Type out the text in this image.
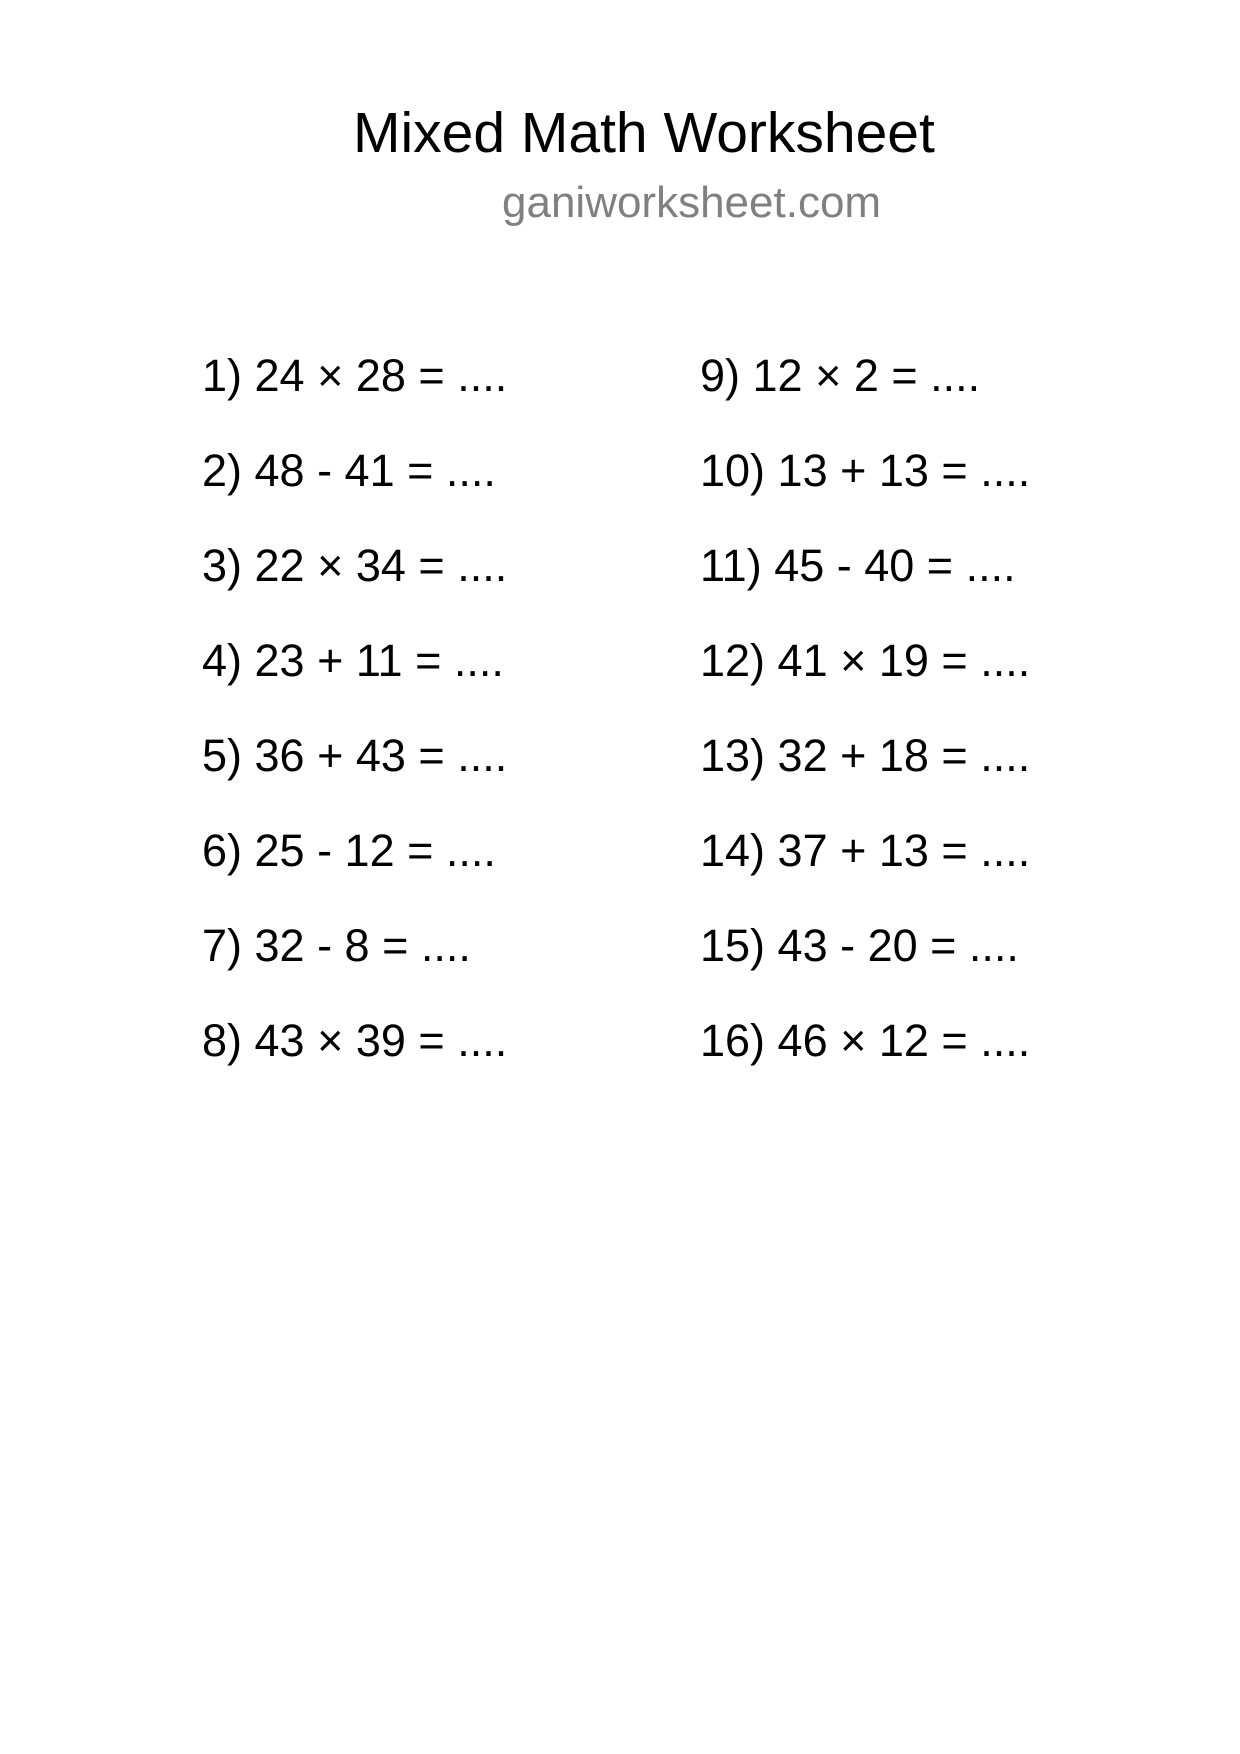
Mixed Math Worksheet
ganiworksheet.com
1) 24 × 28 = ....
2) 48 - 41 = ....
3) 22 × 34 = ....
4) 23 + 11 = ....
5) 36 + 43 = ....
6) 25 - 12 = ....
7) 32 - 8 = ....
8) 43 × 39 = ....
9) 12 × 2 = ....
10) 13 + 13 = ....
11) 45 - 40 = ....
12) 41 × 19 = ....
13) 32 + 18 = ....
14) 37 + 13 = ....
15) 43 - 20 = ....
16) 46 × 12 = ....
